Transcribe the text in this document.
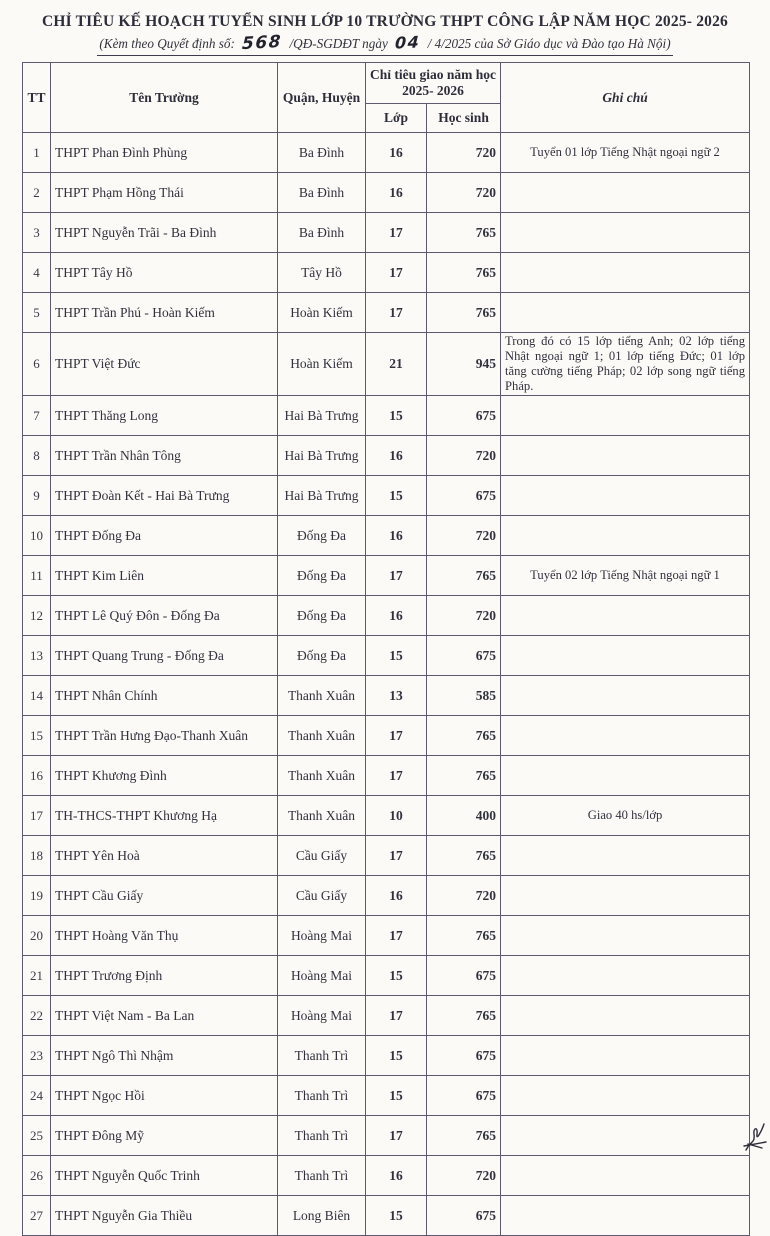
CHỈ TIÊU KẾ HOẠCH TUYỂN SINH LỚP 10 TRƯỜNG THPT CÔNG LẬP NĂM HỌC 2025- 2026
(Kèm theo Quyết định số: 568 /QĐ-SGDĐT ngày 04 / 4/2025 của Sở Giáo dục và Đào tạo Hà Nội)
TT	Tên Trường	Quận, Huyện	Chỉ tiêu giao năm học 2025- 2026		Ghi chú
			Lớp	Học sinh	
1	THPT Phan Đình Phùng	Ba Đình	16	720	Tuyển 01 lớp Tiếng Nhật ngoại ngữ 2
2	THPT Phạm Hồng Thái	Ba Đình	16	720	
3	THPT Nguyễn Trãi - Ba Đình	Ba Đình	17	765	
4	THPT Tây Hồ	Tây Hồ	17	765	
5	THPT Trần Phú - Hoàn Kiếm	Hoàn Kiếm	17	765	
6	THPT Việt Đức	Hoàn Kiếm	21	945	Trong đó có 15 lớp tiếng Anh; 02 lớp tiếng Nhật ngoại ngữ 1; 01 lớp tiếng Đức; 01 lớp tăng cường tiếng Pháp; 02 lớp song ngữ tiếng Pháp.
7	THPT Thăng Long	Hai Bà Trưng	15	675	
8	THPT Trần Nhân Tông	Hai Bà Trưng	16	720	
9	THPT Đoàn Kết - Hai Bà Trưng	Hai Bà Trưng	15	675	
10	THPT Đống Đa	Đống Đa	16	720	
11	THPT Kim Liên	Đống Đa	17	765	Tuyển 02 lớp Tiếng Nhật ngoại ngữ 1
12	THPT Lê Quý Đôn - Đống Đa	Đống Đa	16	720	
13	THPT Quang Trung - Đống Đa	Đống Đa	15	675	
14	THPT Nhân Chính	Thanh Xuân	13	585	
15	THPT Trần Hưng Đạo-Thanh Xuân	Thanh Xuân	17	765	
16	THPT Khương Đình	Thanh Xuân	17	765	
17	TH-THCS-THPT Khương Hạ	Thanh Xuân	10	400	Giao 40 hs/lớp
18	THPT Yên Hoà	Cầu Giấy	17	765	
19	THPT Cầu Giấy	Cầu Giấy	16	720	
20	THPT Hoàng Văn Thụ	Hoàng Mai	17	765	
21	THPT Trương Định	Hoàng Mai	15	675	
22	THPT Việt Nam - Ba Lan	Hoàng Mai	17	765	
23	THPT Ngô Thì Nhậm	Thanh Trì	15	675	
24	THPT Ngọc Hồi	Thanh Trì	15	675	
25	THPT Đông Mỹ	Thanh Trì	17	765	
26	THPT Nguyễn Quốc Trinh	Thanh Trì	16	720	
27	THPT Nguyễn Gia Thiều	Long Biên	15	675	
